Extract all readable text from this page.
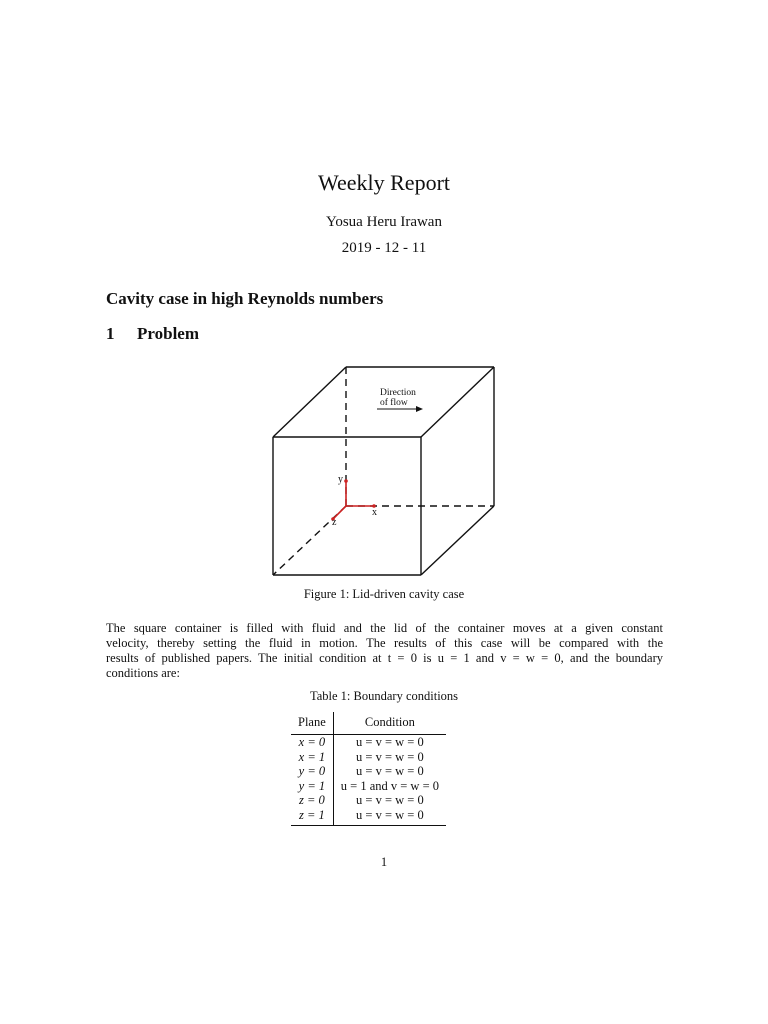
Weekly Report
Yosua Heru Irawan
2019 - 12 - 11
Cavity case in high Reynolds numbers
1 Problem
y
x
z
Direction
of flow
Figure 1: Lid-driven cavity case
The square container is filled with fluid and the lid of the container moves at a given constant
velocity, thereby setting the fluid in motion. The results of this case will be compared with the
results of published papers. The initial condition at t = 0 is u = 1 and v = w = 0, and the boundary
conditions are:
Table 1: Boundary conditions
Plane	Condition
x = 0	u = v = w = 0
x = 1	u = v = w = 0
y = 0	u = v = w = 0
y = 1	u = 1 and v = w = 0
z = 0	u = v = w = 0
z = 1	u = v = w = 0
1
